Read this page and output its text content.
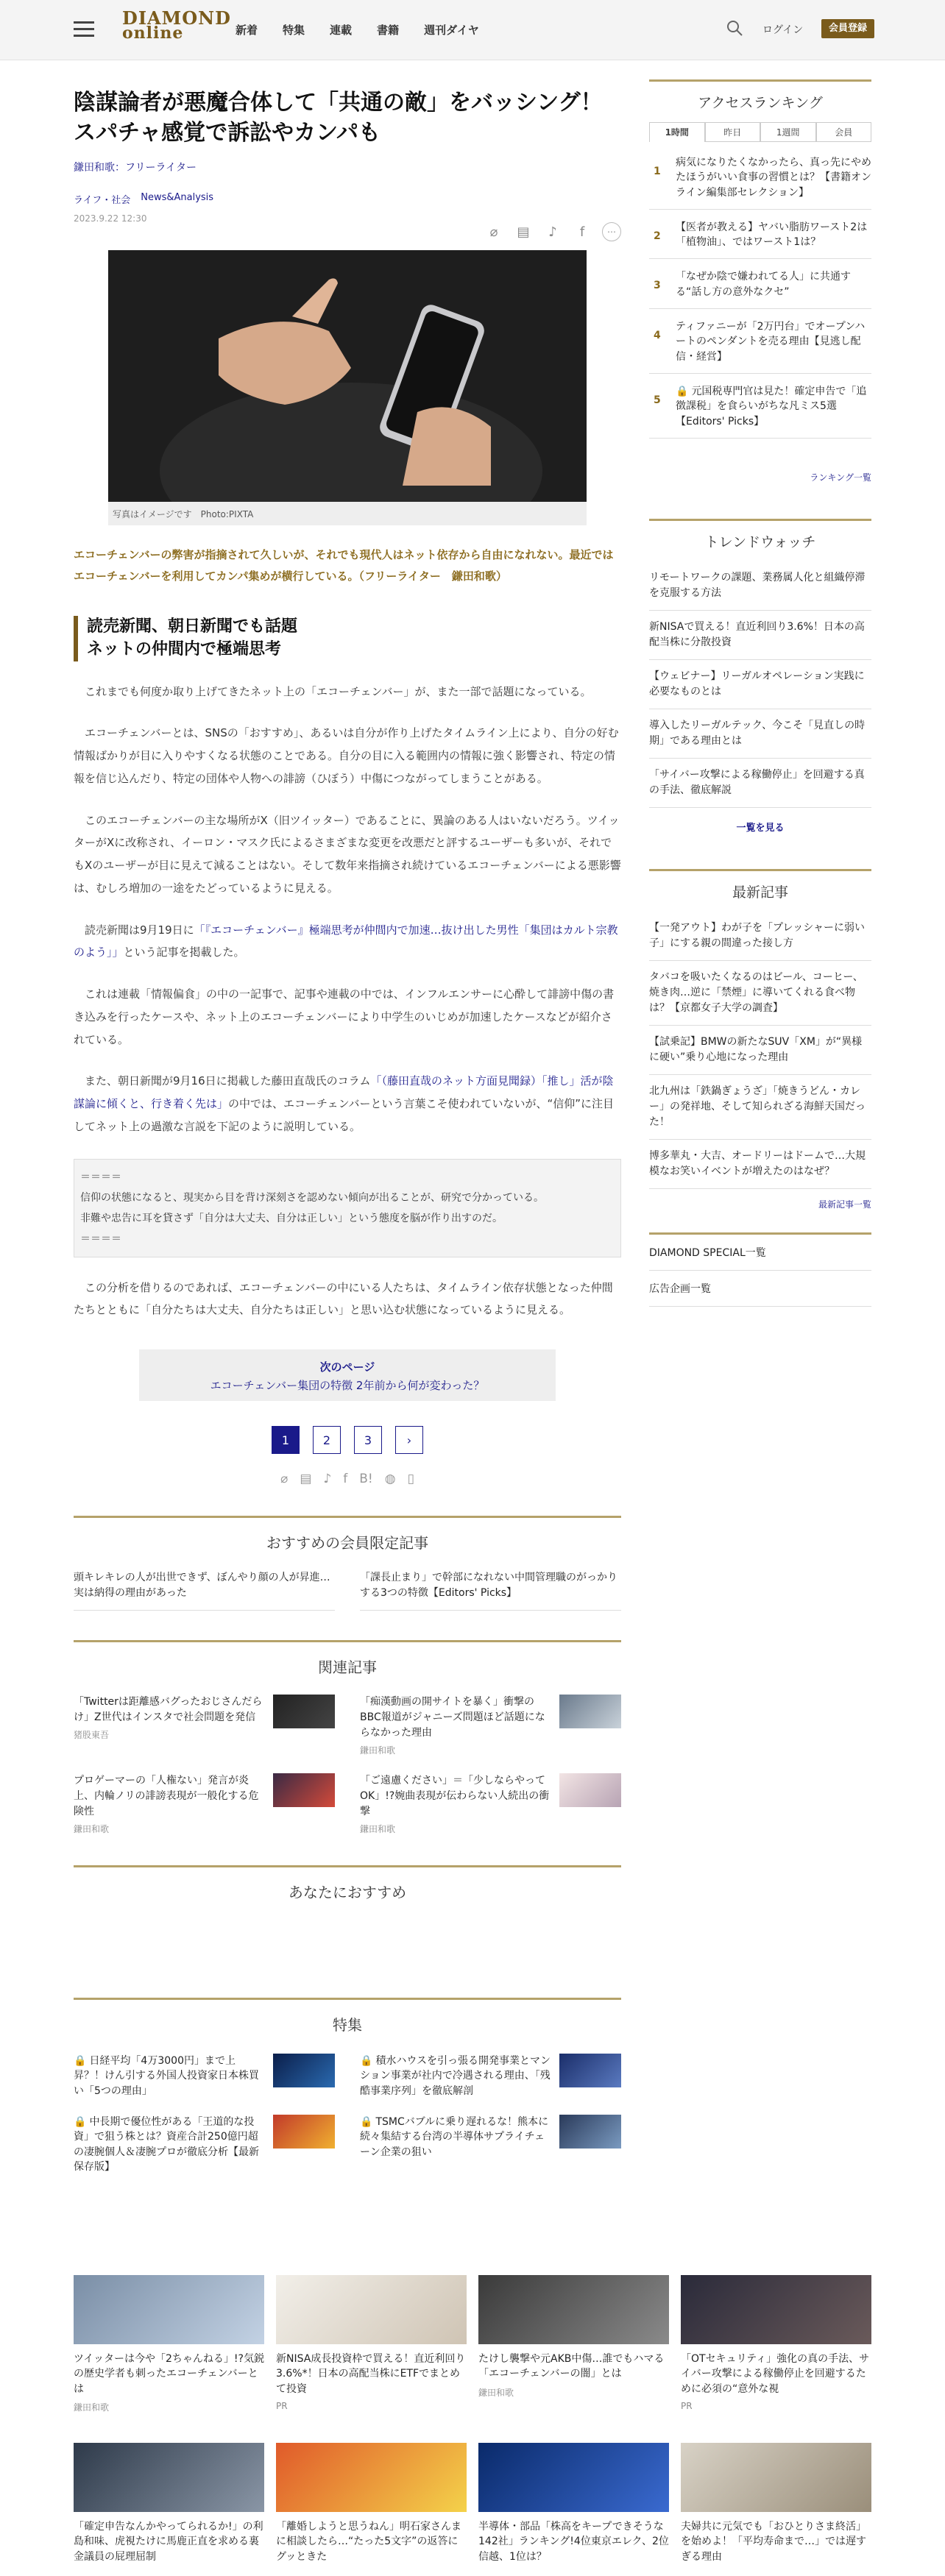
DIAMOND
online	新着 特集 連載 書籍 週刊ダイヤ	ログイン	会員登録
陰謀論者が悪魔合体して「共通の敵」をバッシング！スパチャ感覚で訴訟やカンパも
鎌田和歌：フリーライター
ライフ・社会 News&Analysis
2023.9.22 12:30
⌀	▤	♪	f	⋯
写真はイメージです　Photo:PIXTA

エコーチェンバーの弊害が指摘されて久しいが、それでも現代人はネット依存から自由になれない。最近ではエコーチェンバーを利用してカンパ集めが横行している。（フリーライター　鎌田和歌）

読売新聞、朝日新聞でも話題
ネットの仲間内で極端思考

これまでも何度か取り上げてきたネット上の「エコーチェンバー」が、また一部で話題になっている。

エコーチェンバーとは、SNSの「おすすめ」、あるいは自分が作り上げたタイムライン上により、自分の好む情報ばかりが目に入りやすくなる状態のことである。自分の目に入る範囲内の情報に強く影響され、特定の情報を信じ込んだり、特定の団体や人物への誹謗（ひぼう）中傷につながってしまうことがある。

このエコーチェンバーの主な場所がX（旧ツイッター）であることに、異論のある人はいないだろう。ツイッターがXに改称され、イーロン・マスク氏によるさまざまな変更を改悪だと評するユーザーも多いが、それでもXのユーザーが目に見えて減ることはない。そして数年来指摘され続けているエコーチェンバーによる悪影響は、むしろ増加の一途をたどっているように見える。

読売新聞は9月19日に「『エコーチェンバー』極端思考が仲間内で加速…抜け出した男性「集団はカルト宗教のよう」」という記事を掲載した。

これは連載「情報偏食」の中の一記事で、記事や連載の中では、インフルエンサーに心酔して誹謗中傷の書き込みを行ったケースや、ネット上のエコーチェンバーにより中学生のいじめが加速したケースなどが紹介されている。

また、朝日新聞が9月16日に掲載した藤田直哉氏のコラム「（藤田直哉のネット方面見聞録）「推し」活が陰謀論に傾くと、行き着く先は」の中では、エコーチェンバーという言葉こそ使われていないが、“信仰”に注目してネット上の過激な言説を下記のように説明している。

＝＝＝＝
信仰の状態になると、現実から目を背け深刻さを認めない傾向が出ることが、研究で分かっている。
非難や忠告に耳を貸さず「自分は大丈夫、自分は正しい」という態度を脳が作り出すのだ。
＝＝＝＝

この分析を借りるのであれば、エコーチェンバーの中にいる人たちは、タイムライン依存状態となった仲間たちとともに「自分たちは大丈夫、自分たちは正しい」と思い込む状態になっているように見える。

次のページ
エコーチェンバー集団の特徴 2年前から何が変わった？
1	2	3	›
⌀ ▤ ♪ f B! ◍ ▯
おすすめの会員限定記事
頭キレキレの人が出世できず、ぼんやり顔の人が昇進…実は納得の理由があった
「課長止まり」で幹部になれない中間管理職のがっかりする3つの特徴【Editors' Picks】
関連記事
「Twitterは距離感バグったおじさんだらけ」Z世代はインスタで社会問題を発信
猪股東吾
「痴漢動画の開サイトを暴く」衝撃のBBC報道がジャニーズ問題ほど話題にならなかった理由
鎌田和歌
プロゲーマーの「人権ない」発言が炎上、内輪ノリの誹謗表現が一般化する危険性
鎌田和歌
「ご遠慮ください」＝「少しならやってOK」!?婉曲表現が伝わらない人続出の衝撃
鎌田和歌
あなたにおすすめ
特集
🔒 日経平均「4万3000円」まで上昇？！けん引する外国人投資家日本株買い「5つの理由」
🔒 積水ハウスを引っ張る開発事業とマンション事業が社内で冷遇される理由、「残酷事業序列」を徹底解剖
🔒 中長期で優位性がある「王道的な投資」で狙う株とは？資産合計250億円超の凄腕個人＆凄腕プロが徹底分析【最新保存版】
🔒 TSMCバブルに乗り遅れるな！熊本に続々集結する台湾の半導体サプライチェーン企業の狙い
ツイッターは今や「2ちゃんねる」!?気鋭の歴史学者も刺ったエコーチェンバーとは
鎌田和歌
新NISA成長投資枠で買える！直近利回り3.6%*！日本の高配当株にETFでまとめて投資
PR
たけし襲撃や元AKB中傷…誰でもハマる「エコーチェンバーの闇」とは
鎌田和歌
「OTセキュリティ」強化の真の手法、サイバー攻撃による稼働停止を回避するために必須の“意外な視
PR
「確定申告なんかやってられるか!」の利島和味、虎視たけに馬鹿正直を求める裏金議員の屁理屈制
「離婚しようと思うねん」明石家さんまに相談したら…“たった5文字”の返答にグッときた
半導体・部品「株高をキープできそうな142社」ランキング!4位東京エレク、2位信越、1位は？
夫婦共に元気でも「おひとりさま終活」を始めよ！「平均寿命まで…」では遅すぎる理由
アクセスランキング
1時間	昨日	1週間	会員
1
病気になりたくなかったら、真っ先にやめたほうがいい食事の習慣とは？【書籍オンライン編集部セレクション】
2
【医者が教える】ヤバい脂肪ワースト2は「植物油」、ではワースト1は？
3
「なぜか陰で嫌われてる人」に共通する“話し方の意外なクセ”
4
ティファニーが「2万円台」でオープンハートのペンダントを売る理由【見逃し配信・経営】
5
🔒 元国税専門官は見た！確定申告で「追徴課税」を食らいがちな凡ミス5選【Editors' Picks】
ランキング一覧
トレンドウォッチ
リモートワークの課題、業務属人化と組織停滞を克服する方法
新NISAで買える！直近利回り3.6%！日本の高配当株に分散投資
【ウェビナー】リーガルオペレーション実践に必要なものとは
導入したリーガルテック、今こそ「見直しの時期」である理由とは
「サイバー攻撃による稼働停止」を回避する真の手法、徹底解説
一覧を見る
最新記事
【一発アウト】わが子を「プレッシャーに弱い子」にする親の間違った接し方
タバコを吸いたくなるのはビール、コーヒー、焼き肉…逆に「禁煙」に導いてくれる食べ物は？【京都女子大学の調査】
【試乗記】BMWの新たなSUV「XM」が“異様に硬い”乗り心地になった理由
北九州は「鉄鍋ぎょうざ」「焼きうどん・カレー」の発祥地、そして知られざる海鮮天国だった！
博多華丸・大吉、オードリーはドームで…大規模なお笑いイベントが増えたのはなぜ？
最新記事一覧
DIAMOND SPECIAL一覧
広告企画一覧
